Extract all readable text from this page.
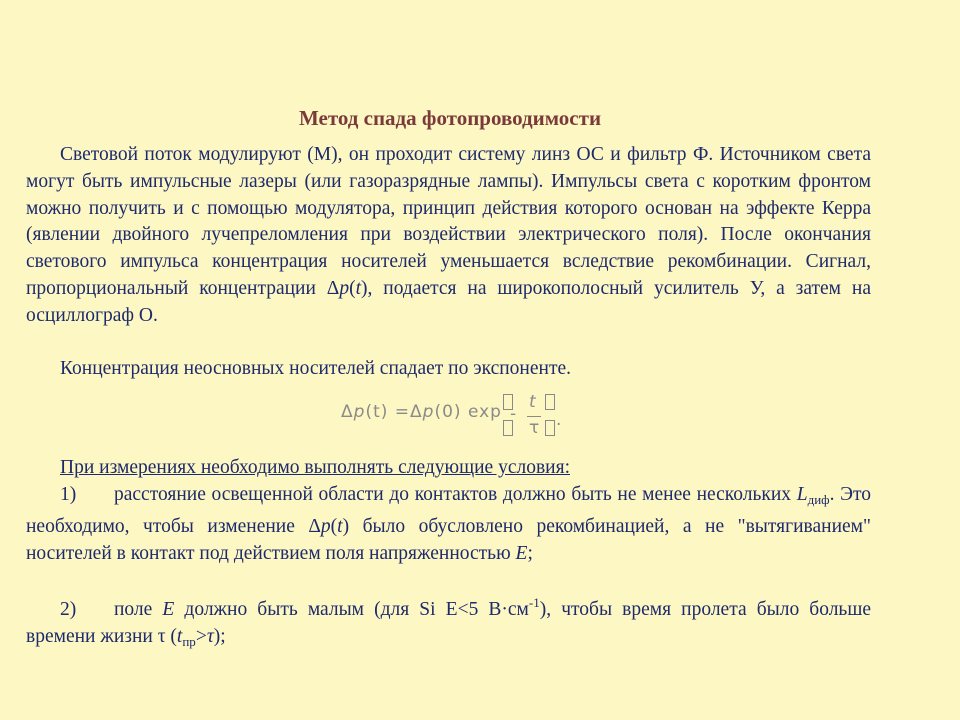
Метод спада фотопроводимости

Световой поток модулируют (М), он проходит систему линз ОС и фильтр Ф. Источником света могут быть импульсные лазеры (или газоразрядные лампы). Импульсы света с коротким фронтом можно получить и с помощью модулятора, принцип действия которого основан на эффекте Керра (явлении двойного лучепреломления при воздействии электрического поля). После окончания светового импульса концентрация носителей уменьшается вследствие рекомбинации. Сигнал, пропорциональный концентрации Δp(t), подается на широкополосный усилитель У, а затем на осциллограф О.

Концентрация неосновных носителей спадает по экспоненте.

Δp(t) =Δp(0) exp -
t
τ .

При измерениях необходимо выполнять следующие условия:

1) расстояние освещенной области до контактов должно быть не менее нескольких $L_{диф}$. Это необходимо, чтобы изменение Δp(t) было обусловлено рекомбинацией, а не "вытягиванием" носителей в контакт под действием поля напряженностью E;

2) поле E должно быть малым (для Si E<5 $В\cdot см^{-1}$), чтобы время пролета было больше времени жизни τ $(t_{пр}>\tau)$;
